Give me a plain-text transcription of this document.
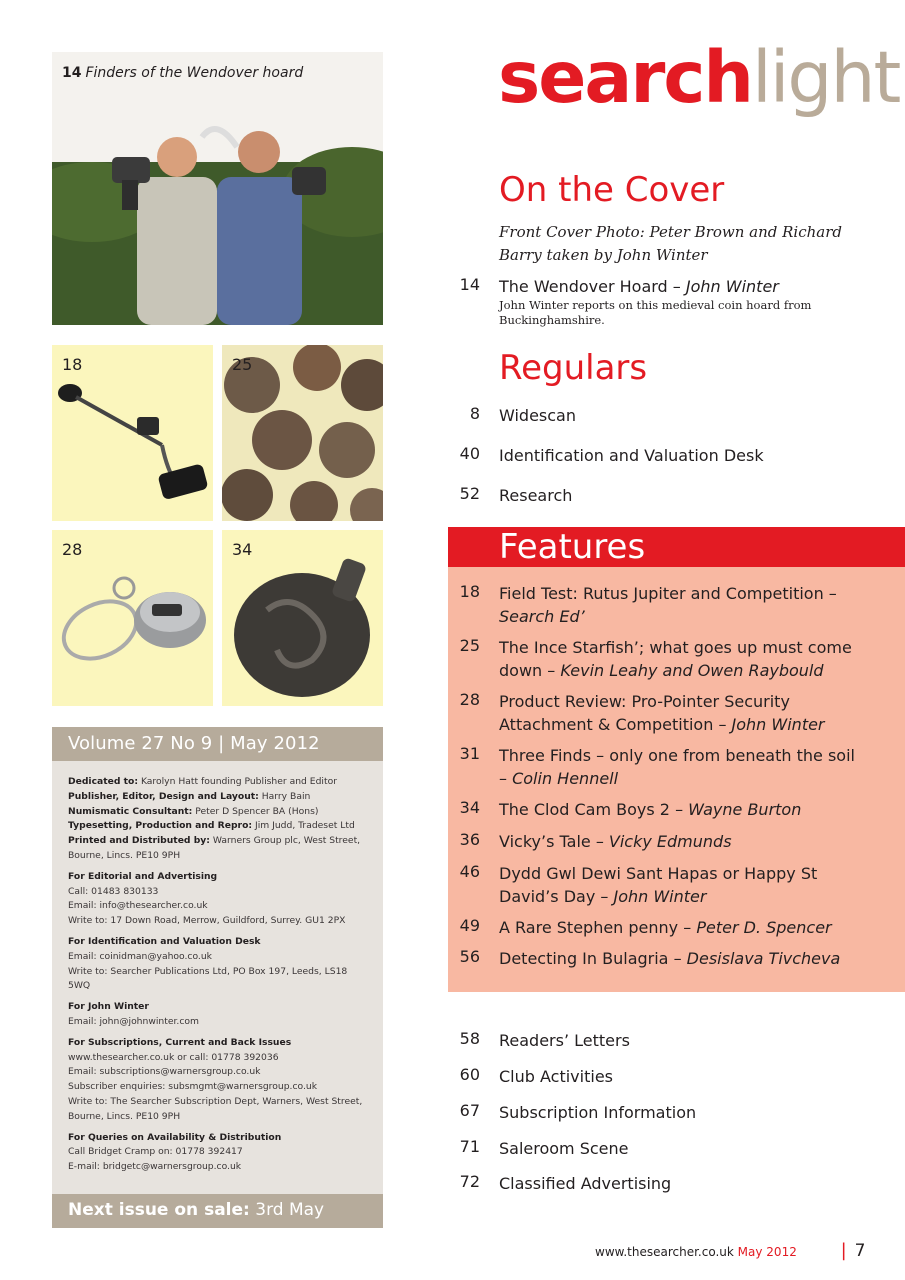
14 Finders of the Wendover hoard
18	25
28	34
Volume 27 No 9 | May 2012
Dedicated to: Karolyn Hatt founding Publisher and Editor
Publisher, Editor, Design and Layout: Harry Bain
Numismatic Consultant: Peter D Spencer BA (Hons)
Typesetting, Production and Repro: Jim Judd, Tradeset Ltd
Printed and Distributed by: Warners Group plc, West Street, Bourne, Lincs. PE10 9PH
For Editorial and Advertising
Call: 01483 830133
Email: info@thesearcher.co.uk
Write to: 17 Down Road, Merrow, Guildford, Surrey. GU1 2PX
For Identification and Valuation Desk
Email: coinidman@yahoo.co.uk
Write to: Searcher Publications Ltd, PO Box 197, Leeds, LS18 5WQ
For John Winter
Email: john@johnwinter.com
For Subscriptions, Current and Back Issues
www.thesearcher.co.uk or call: 01778 392036
Email: subscriptions@warnersgroup.co.uk
Subscriber enquiries: subsmgmt@warnersgroup.co.uk
Write to: The Searcher Subscription Dept, Warners, West Street, Bourne, Lincs. PE10 9PH
For Queries on Availability & Distribution
Call Bridget Cramp on: 01778 392417
E-mail: bridgetc@warnersgroup.co.uk
Next issue on sale: 3rd May
searchlight
On the Cover
Front Cover Photo: Peter Brown and Richard Barry taken by John Winter
14 The Wendover Hoard – John Winter
John Winter reports on this medieval coin hoard from Buckinghamshire.
Regulars
8 Widescan
40 Identification and Valuation Desk
52 Research
Features
18 Field Test: Rutus Jupiter and Competition –
Search Ed’
25 The Ince Starfish’; what goes up must come down – Kevin Leahy and Owen Raybould
28 Product Review: Pro-Pointer Security Attachment & Competition – John Winter
31 Three Finds – only one from beneath the soil – Colin Hennell
34 The Clod Cam Boys 2 – Wayne Burton
36 Vicky’s Tale – Vicky Edmunds
46 Dydd Gwl Dewi Sant Hapas or Happy St David’s Day – John Winter
49 A Rare Stephen penny – Peter D. Spencer
56 Detecting In Bulagria – Desislava Tivcheva
58 Readers’ Letters
60 Club Activities
67 Subscription Information
71 Saleroom Scene
72 Classified Advertising
www.thesearcher.co.uk May 2012 | 7
